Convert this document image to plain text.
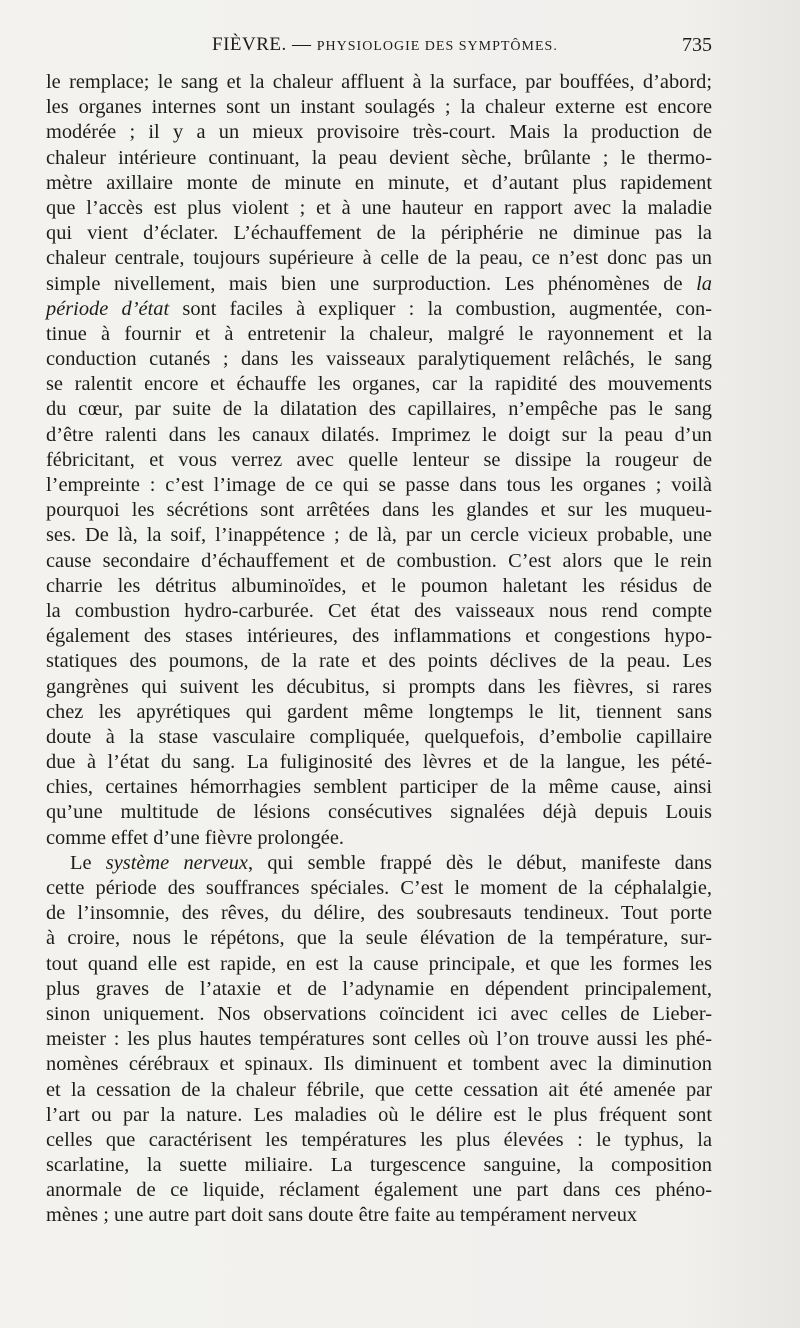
FIÈVRE. — PHYSIOLOGIE DES SYMPTÔMES.	735
le remplace; le sang et la chaleur affluent à la surface, par bouffées, d’abord;
les organes internes sont un instant soulagés ; la chaleur externe est encore
modérée ; il y a un mieux provisoire très-court. Mais la production de
chaleur intérieure continuant, la peau devient sèche, brûlante ; le thermo-
mètre axillaire monte de minute en minute, et d’autant plus rapidement
que l’accès est plus violent ; et à une hauteur en rapport avec la maladie
qui vient d’éclater. L’échauffement de la périphérie ne diminue pas la
chaleur centrale, toujours supérieure à celle de la peau, ce n’est donc pas un
simple nivellement, mais bien une surproduction. Les phénomènes de la
période d’état sont faciles à expliquer : la combustion, augmentée, con-
tinue à fournir et à entretenir la chaleur, malgré le rayonnement et la
conduction cutanés ; dans les vaisseaux paralytiquement relâchés, le sang
se ralentit encore et échauffe les organes, car la rapidité des mouvements
du cœur, par suite de la dilatation des capillaires, n’empêche pas le sang
d’être ralenti dans les canaux dilatés. Imprimez le doigt sur la peau d’un
fébricitant, et vous verrez avec quelle lenteur se dissipe la rougeur de
l’empreinte : c’est l’image de ce qui se passe dans tous les organes ; voilà
pourquoi les sécrétions sont arrêtées dans les glandes et sur les muqueu-
ses. De là, la soif, l’inappétence ; de là, par un cercle vicieux probable, une
cause secondaire d’échauffement et de combustion. C’est alors que le rein
charrie les détritus albuminoïdes, et le poumon haletant les résidus de
la combustion hydro-carburée. Cet état des vaisseaux nous rend compte
également des stases intérieures, des inflammations et congestions hypo-
statiques des poumons, de la rate et des points déclives de la peau. Les
gangrènes qui suivent les décubitus, si prompts dans les fièvres, si rares
chez les apyrétiques qui gardent même longtemps le lit, tiennent sans
doute à la stase vasculaire compliquée, quelquefois, d’embolie capillaire
due à l’état du sang. La fuliginosité des lèvres et de la langue, les pété-
chies, certaines hémorrhagies semblent participer de la même cause, ainsi
qu’une multitude de lésions consécutives signalées déjà depuis Louis
comme effet d’une fièvre prolongée.
Le système nerveux, qui semble frappé dès le début, manifeste dans
cette période des souffrances spéciales. C’est le moment de la céphalalgie,
de l’insomnie, des rêves, du délire, des soubresauts tendineux. Tout porte
à croire, nous le répétons, que la seule élévation de la température, sur-
tout quand elle est rapide, en est la cause principale, et que les formes les
plus graves de l’ataxie et de l’adynamie en dépendent principalement,
sinon uniquement. Nos observations coïncident ici avec celles de Lieber-
meister : les plus hautes températures sont celles où l’on trouve aussi les phé-
nomènes cérébraux et spinaux. Ils diminuent et tombent avec la diminution
et la cessation de la chaleur fébrile, que cette cessation ait été amenée par
l’art ou par la nature. Les maladies où le délire est le plus fréquent sont
celles que caractérisent les températures les plus élevées : le typhus, la
scarlatine, la suette miliaire. La turgescence sanguine, la composition
anormale de ce liquide, réclament également une part dans ces phéno-
mènes ; une autre part doit sans doute être faite au tempérament nerveux
